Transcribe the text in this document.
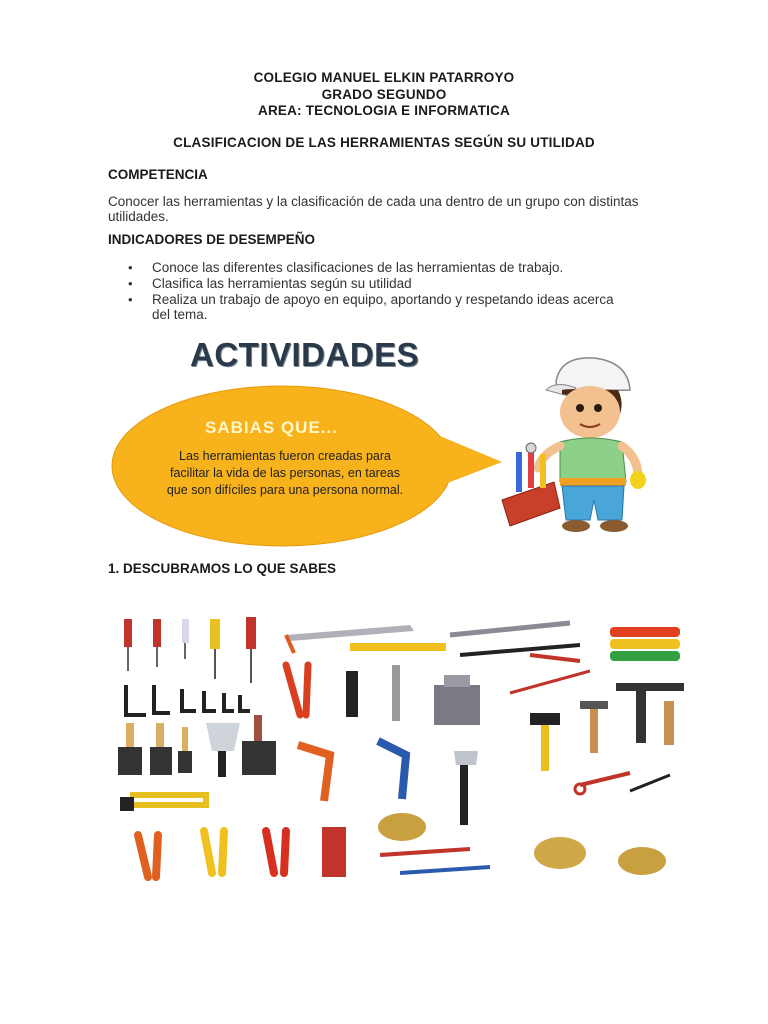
COLEGIO MANUEL ELKIN PATARROYO
GRADO SEGUNDO
AREA: TECNOLOGIA E INFORMATICA
CLASIFICACION DE LAS HERRAMIENTAS SEGÚN SU UTILIDAD
COMPETENCIA
Conocer las herramientas y la clasificación de cada una dentro de un grupo con distintas utilidades.
INDICADORES DE DESEMPEÑO
• Conoce las diferentes clasificaciones de las herramientas de trabajo.
• Clasifica las herramientas según su utilidad
• Realiza un trabajo de apoyo en equipo, aportando y respetando ideas acerca del tema.
ACTIVIDADES
SABIAS QUE...
Las herramientas fueron creadas para facilitar la vida de las personas, en tareas que son difíciles para una persona normal.
1. DESCUBRAMOS LO QUE SABES
